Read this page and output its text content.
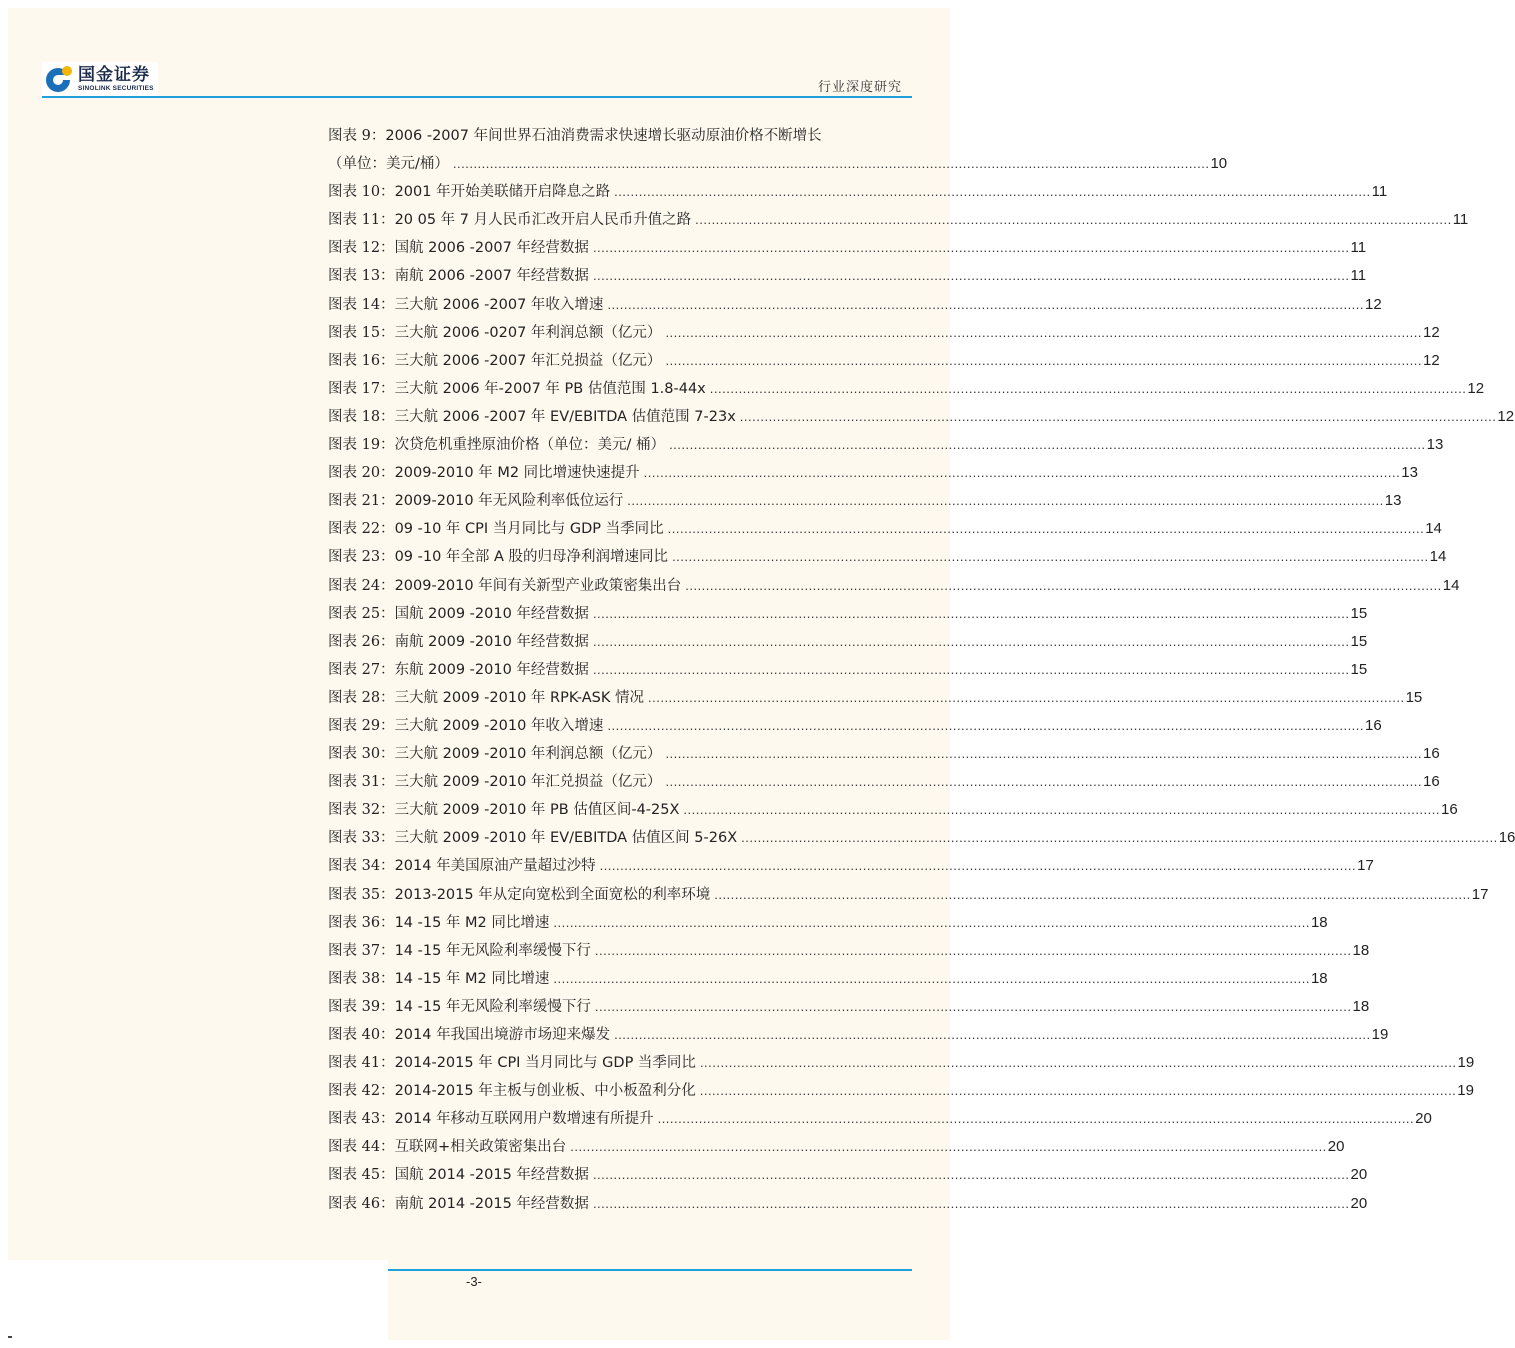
国金证券
SINOLINK SECURITIES	行业深度研究
图表 9：2006 -2007 年间世界石油消费需求快速增长驱动原油价格不断增长
（单位：美元/桶） .....	10
图表 10：2001 年开始美联储开启降息之路 .....	11
图表 11：20 05 年 7 月人民币汇改开启人民币升值之路 .....	11
图表 12：国航 2006 -2007 年经营数据 .....	11
图表 13：南航 2006 -2007 年经营数据 .....	11
图表 14：三大航 2006 -2007 年收入增速 .....	12
图表 15：三大航 2006 -0207 年利润总额（亿元） .....	12
图表 16：三大航 2006 -2007 年汇兑损益（亿元） .....	12
图表 17：三大航 2006 年-2007 年 PB 估值范围 1.8-44x .....	12
图表 18：三大航 2006 -2007 年 EV/EBITDA 估值范围 7-23x .....	12
图表 19：次贷危机重挫原油价格（单位：美元/ 桶） .....	13
图表 20：2009-2010 年 M2 同比增速快速提升 .....	13
图表 21：2009-2010 年无风险利率低位运行 .....	13
图表 22：09 -10 年 CPI 当月同比与 GDP 当季同比 .....	14
图表 23：09 -10 年全部 A 股的归母净利润增速同比 .....	14
图表 24：2009-2010 年间有关新型产业政策密集出台 .....	14
图表 25：国航 2009 -2010 年经营数据 .....	15
图表 26：南航 2009 -2010 年经营数据 .....	15
图表 27：东航 2009 -2010 年经营数据 .....	15
图表 28：三大航 2009 -2010 年 RPK-ASK 情况 .....	15
图表 29：三大航 2009 -2010 年收入增速 .....	16
图表 30：三大航 2009 -2010 年利润总额（亿元） .....	16
图表 31：三大航 2009 -2010 年汇兑损益（亿元） .....	16
图表 32：三大航 2009 -2010 年 PB 估值区间-4-25X .....	16
图表 33：三大航 2009 -2010 年 EV/EBITDA 估值区间 5-26X .....	16
图表 34：2014 年美国原油产量超过沙特 .....	17
图表 35：2013-2015 年从定向宽松到全面宽松的利率环境 .....	17
图表 36：14 -15 年 M2 同比增速 .....	18
图表 37：14 -15 年无风险利率缓慢下行 .....	18
图表 38：14 -15 年 M2 同比增速 .....	18
图表 39：14 -15 年无风险利率缓慢下行 .....	18
图表 40：2014 年我国出境游市场迎来爆发 .....	19
图表 41：2014-2015 年 CPI 当月同比与 GDP 当季同比 .....	19
图表 42：2014-2015 年主板与创业板、中小板盈利分化 .....	19
图表 43：2014 年移动互联网用户数增速有所提升 .....	20
图表 44：互联网+相关政策密集出台 .....	20
图表 45：国航 2014 -2015 年经营数据 .....	20
图表 46：南航 2014 -2015 年经营数据 .....	20
-3-
